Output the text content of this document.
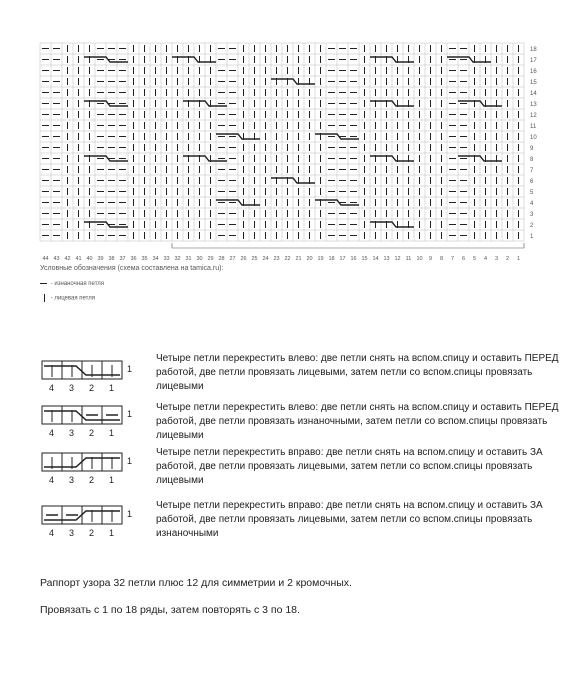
18
17
16
15
14
13
12
11
10
9
8
7
6
5
4
3
2
1
44 43 42 41 40 39 38 37 36 35 34 33 32 31 30 29 28 27 26 25 24 23 22 21 20 19 18 17 16 15 14 13 12 11 10 9 8 7 6 5 4 3 2 1
Условные обозначения (схема составлена на tamica.ru):
- изнаночная петля
- лицевая петля
Четыре петли перекрестить влево: две петли снять на вспом.спицу и оставить ПЕРЕД работой, две петли провязать лицевыми, затем петли со вспом.спицы провязать лицевыми
Четыре петли перекрестить влево: две петли снять на вспом.спицу и оставить ПЕРЕД работой, две петли провязать изнаночными, затем петли со вспом.спицы провязать лицевыми
Четыре петли перекрестить вправо: две петли снять на вспом.спицу и оставить ЗА работой, две петли провязать лицевыми, затем петли со вспом.спицы провязать лицевыми
Четыре петли перекрестить вправо: две петли снять на вспом.спицу и оставить ЗА работой, две петли провязать лицевыми, затем петли со вспом.спицы провязать изнаночными
4 3 2 1
1
4 3 2 1
1
4 3 2 1
1
4 3 2 1
1
Раппорт узора 32 петли плюс 12 для симметрии и 2 кромочных.
Провязать с 1 по 18 ряды, затем повторять с 3 по 18.
